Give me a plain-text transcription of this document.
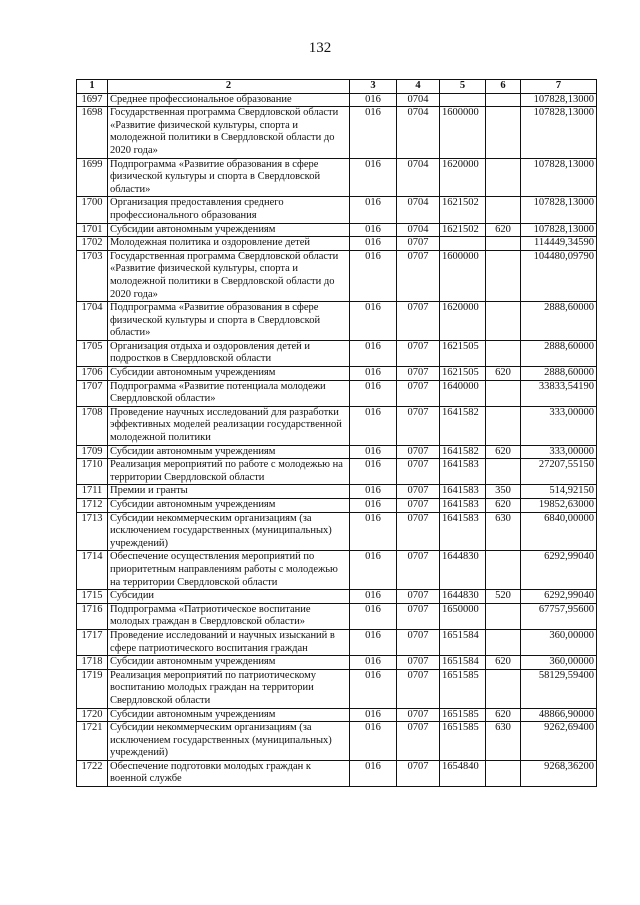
132
1	2	3	4	5	6	7
1697	Среднее профессиональное образование	016	0704			107828,13000
1698	Государственная программа Свердловской области «Развитие физической культуры, спорта и молодежной политики в Свердловской области до 2020 года»	016	0704	1600000		107828,13000
1699	Подпрограмма «Развитие образования в сфере физической культуры и спорта в Свердловской области»	016	0704	1620000		107828,13000
1700	Организация предоставления среднего профессионального образования	016	0704	1621502		107828,13000
1701	Субсидии автономным учреждениям	016	0704	1621502	620	107828,13000
1702	Молодежная политика и оздоровление детей	016	0707			114449,34590
1703	Государственная программа Свердловской области «Развитие физической культуры, спорта и молодежной политики в Свердловской области до 2020 года»	016	0707	1600000		104480,09790
1704	Подпрограмма «Развитие образования в сфере физической культуры и спорта в Свердловской области»	016	0707	1620000		2888,60000
1705	Организация отдыха и оздоровления детей и подростков в Свердловской области	016	0707	1621505		2888,60000
1706	Субсидии автономным учреждениям	016	0707	1621505	620	2888,60000
1707	Подпрограмма «Развитие потенциала молодежи Свердловской области»	016	0707	1640000		33833,54190
1708	Проведение научных исследований для разработки эффективных моделей реализации государственной молодежной политики	016	0707	1641582		333,00000
1709	Субсидии автономным учреждениям	016	0707	1641582	620	333,00000
1710	Реализация мероприятий по работе с молодежью на территории Свердловской области	016	0707	1641583		27207,55150
1711	Премии и гранты	016	0707	1641583	350	514,92150
1712	Субсидии автономным учреждениям	016	0707	1641583	620	19852,63000
1713	Субсидии некоммерческим организациям (за исключением государственных (муниципальных) учреждений)	016	0707	1641583	630	6840,00000
1714	Обеспечение осуществления мероприятий по приоритетным направлениям работы с молодежью на территории Свердловской области	016	0707	1644830		6292,99040
1715	Субсидии	016	0707	1644830	520	6292,99040
1716	Подпрограмма «Патриотическое воспитание молодых граждан в Свердловской области»	016	0707	1650000		67757,95600
1717	Проведение исследований и научных изысканий в сфере патриотического воспитания граждан	016	0707	1651584		360,00000
1718	Субсидии автономным учреждениям	016	0707	1651584	620	360,00000
1719	Реализация мероприятий по патриотическому воспитанию молодых граждан на территории Свердловской области	016	0707	1651585		58129,59400
1720	Субсидии автономным учреждениям	016	0707	1651585	620	48866,90000
1721	Субсидии некоммерческим организациям (за исключением государственных (муниципальных) учреждений)	016	0707	1651585	630	9262,69400
1722	Обеспечение подготовки молодых граждан к военной службе	016	0707	1654840		9268,36200
